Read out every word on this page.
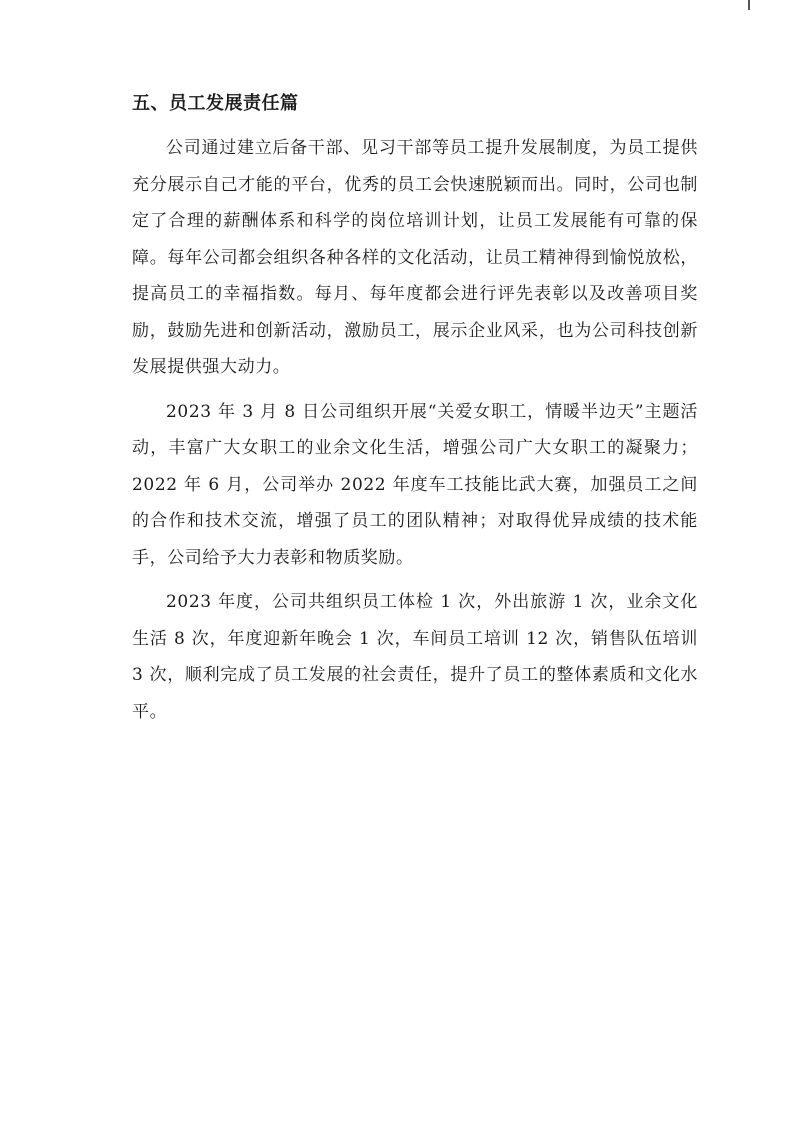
五、员工发展责任篇

公司通过建立后备干部、见习干部等员工提升发展制度，为员工提供充分展示自己才能的平台，优秀的员工会快速脱颖而出。同时，公司也制定了合理的薪酬体系和科学的岗位培训计划，让员工发展能有可靠的保障。每年公司都会组织各种各样的文化活动，让员工精神得到愉悦放松，提高员工的幸福指数。每月、每年度都会进行评先表彰以及改善项目奖励，鼓励先进和创新活动，激励员工，展示企业风采，也为公司科技创新发展提供强大动力。

2023 年 3 月 8 日公司组织开展“关爱女职工，情暖半边天”主题活动，丰富广大女职工的业余文化生活，增强公司广大女职工的凝聚力；2022 年 6 月，公司举办 2022 年度车工技能比武大赛，加强员工之间的合作和技术交流，增强了员工的团队精神；对取得优异成绩的技术能手，公司给予大力表彰和物质奖励。

2023 年度，公司共组织员工体检 1 次，外出旅游 1 次，业余文化生活 8 次，年度迎新年晚会 1 次，车间员工培训 12 次，销售队伍培训 3 次，顺利完成了员工发展的社会责任，提升了员工的整体素质和文化水平。
